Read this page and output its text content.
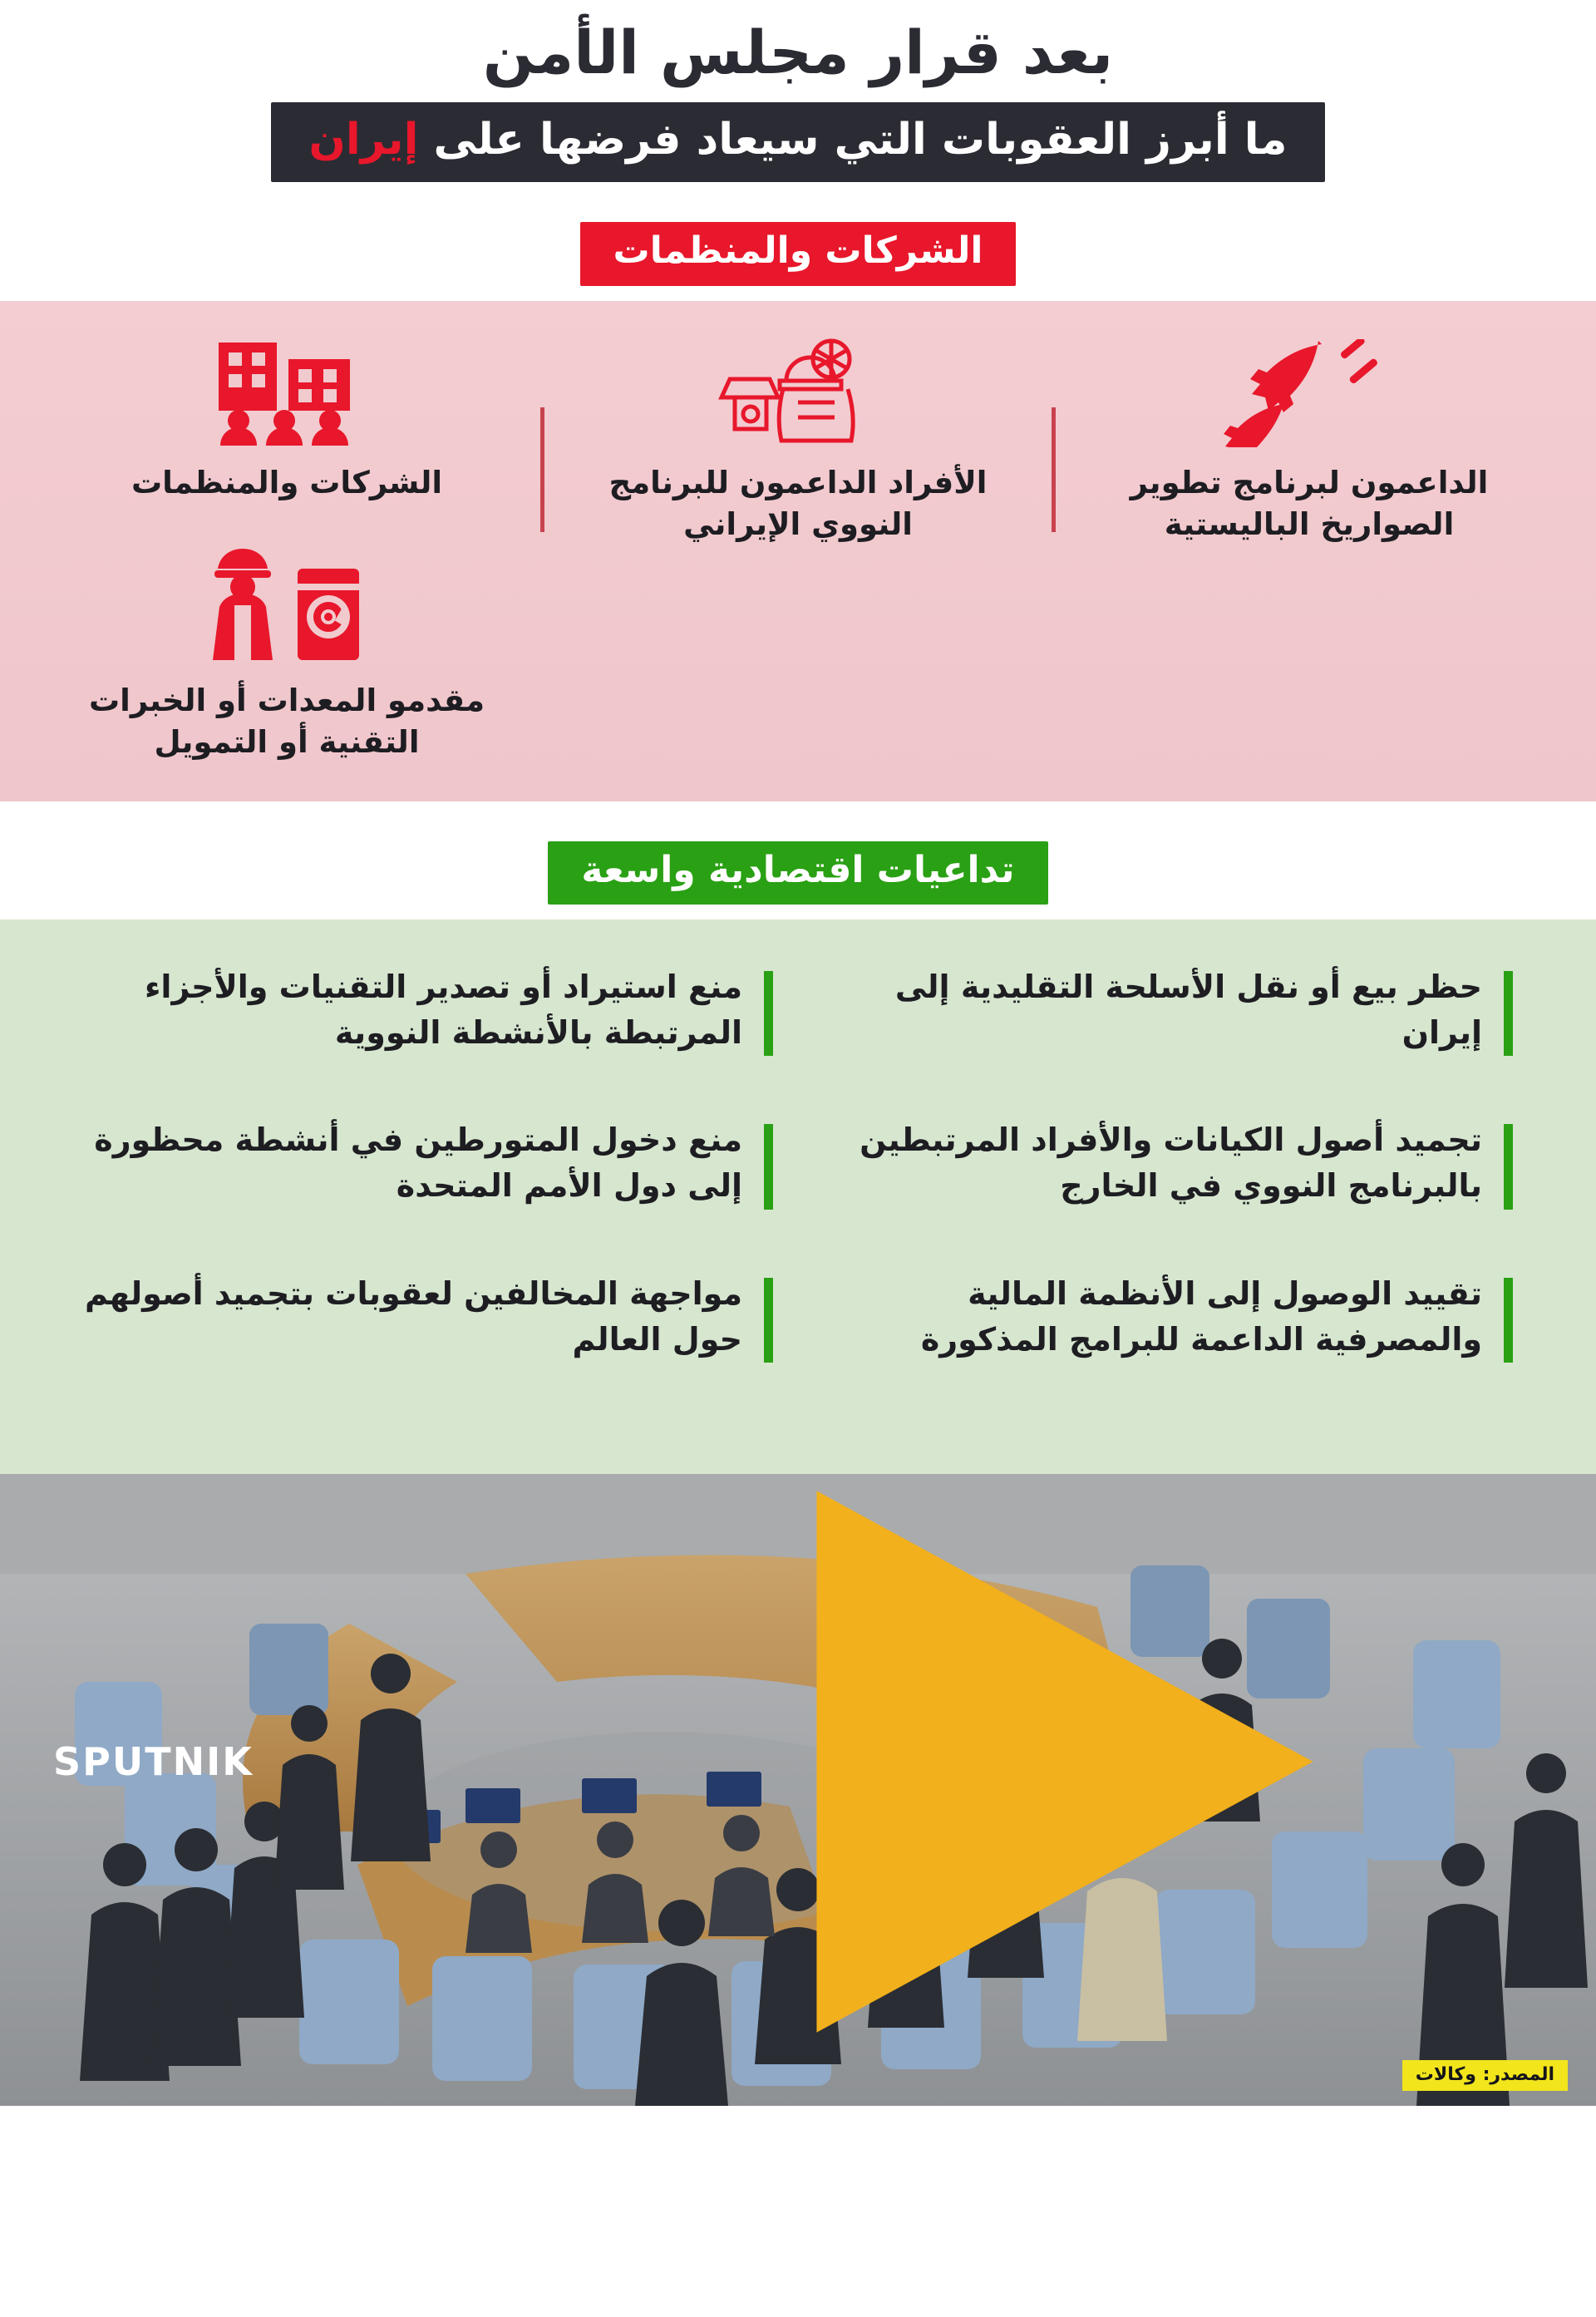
بعد قرار مجلس الأمن
ما أبرز العقوبات التي سيعاد فرضها على إيران
الشركات والمنظمات
الداعمون لبرنامج تطوير الصواريخ الباليستية
الأفراد الداعمون للبرنامج النووي الإيراني
الشركات والمنظمات
مقدمو المعدات أو الخبرات التقنية أو التمويل
تداعيات اقتصادية واسعة
حظر بيع أو نقل الأسلحة التقليدية إلى إيران
منع استيراد أو تصدير التقنيات والأجزاء المرتبطة بالأنشطة النووية
تجميد أصول الكيانات والأفراد المرتبطين بالبرنامج النووي في الخارج
منع دخول المتورطين في أنشطة محظورة إلى دول الأمم المتحدة
تقييد الوصول إلى الأنظمة المالية والمصرفية الداعمة للبرامج المذكورة
مواجهة المخالفين لعقوبات بتجميد أصولهم حول العالم
SPUTNIK
المصدر: وكالات
